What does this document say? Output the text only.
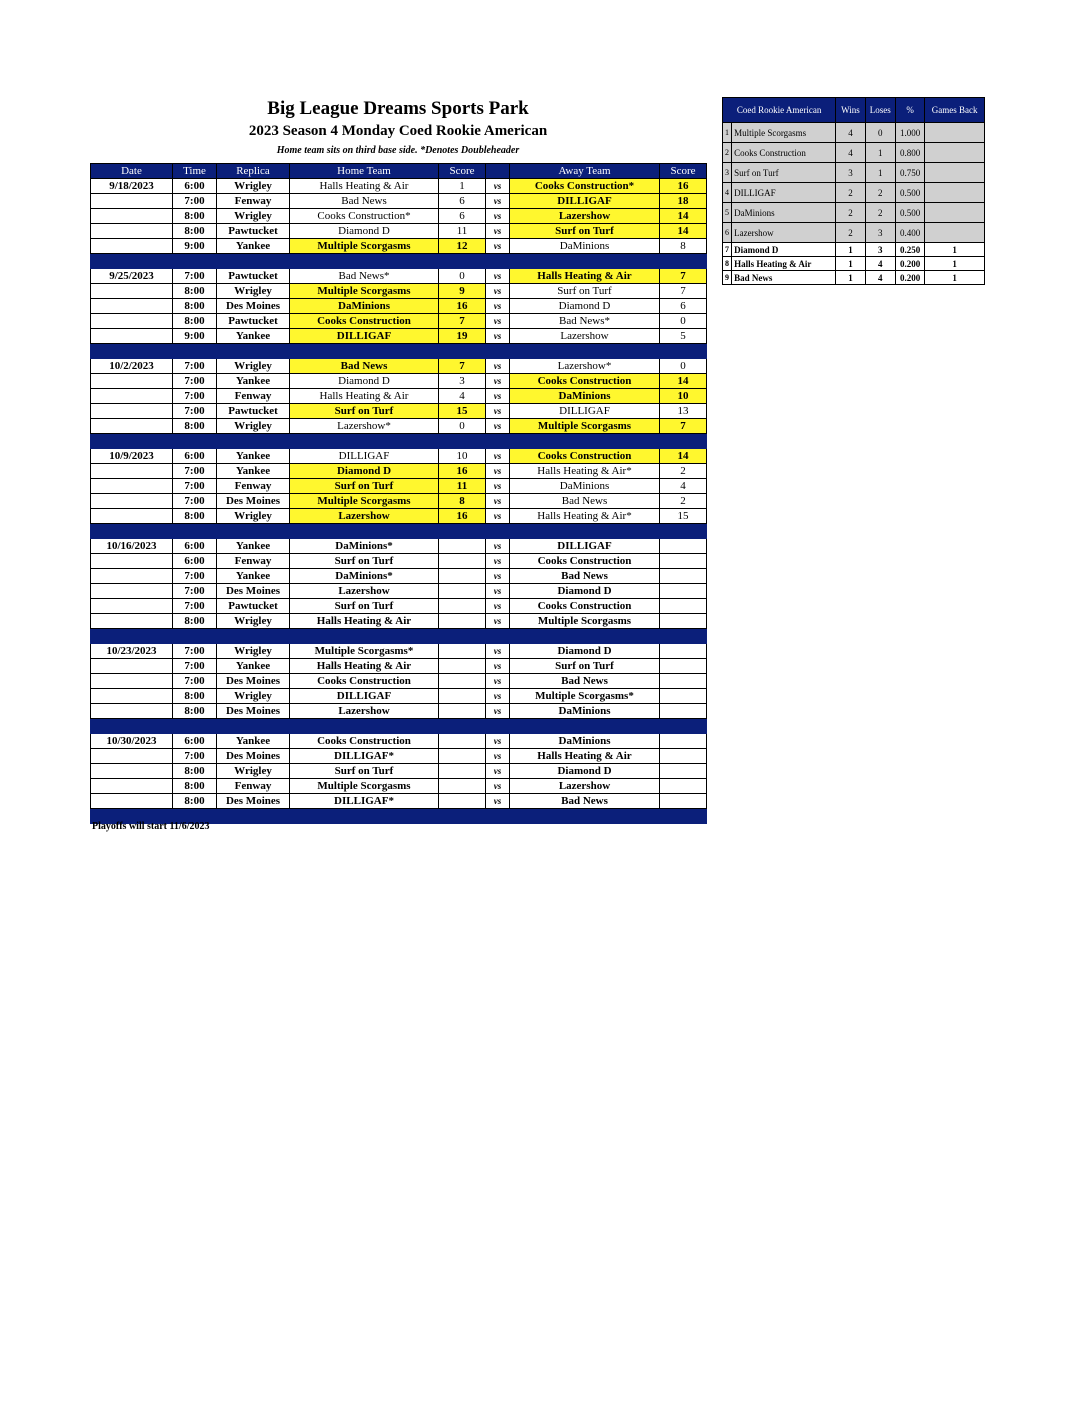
Big League Dreams Sports Park
2023 Season 4 Monday Coed Rookie American
Home team sits on third base side. *Denotes Doubleheader
Date	Time	Replica	Home Team	Score		Away Team	Score
9/18/2023	6:00	Wrigley	Halls Heating & Air	1	vs	Cooks Construction*	16
	7:00	Fenway	Bad News	6	vs	DILLIGAF	18
	8:00	Wrigley	Cooks Construction*	6	vs	Lazershow	14
	8:00	Pawtucket	Diamond D	11	vs	Surf on Turf	14
	9:00	Yankee	Multiple Scorgasms	12	vs	DaMinions	8

9/25/2023	7:00	Pawtucket	Bad News*	0	vs	Halls Heating & Air	7
	8:00	Wrigley	Multiple Scorgasms	9	vs	Surf on Turf	7
	8:00	Des Moines	DaMinions	16	vs	Diamond D	6
	8:00	Pawtucket	Cooks Construction	7	vs	Bad News*	0
	9:00	Yankee	DILLIGAF	19	vs	Lazershow	5

10/2/2023	7:00	Wrigley	Bad News	7	vs	Lazershow*	0
	7:00	Yankee	Diamond D	3	vs	Cooks Construction	14
	7:00	Fenway	Halls Heating & Air	4	vs	DaMinions	10
	7:00	Pawtucket	Surf on Turf	15	vs	DILLIGAF	13
	8:00	Wrigley	Lazershow*	0	vs	Multiple Scorgasms	7

10/9/2023	6:00	Yankee	DILLIGAF	10	vs	Cooks Construction	14
	7:00	Yankee	Diamond D	16	vs	Halls Heating & Air*	2
	7:00	Fenway	Surf on Turf	11	vs	DaMinions	4
	7:00	Des Moines	Multiple Scorgasms	8	vs	Bad News	2
	8:00	Wrigley	Lazershow	16	vs	Halls Heating & Air*	15

10/16/2023	6:00	Yankee	DaMinions*		vs	DILLIGAF	
	6:00	Fenway	Surf on Turf		vs	Cooks Construction	
	7:00	Yankee	DaMinions*		vs	Bad News	
	7:00	Des Moines	Lazershow		vs	Diamond D	
	7:00	Pawtucket	Surf on Turf		vs	Cooks Construction	
	8:00	Wrigley	Halls Heating & Air		vs	Multiple Scorgasms	

10/23/2023	7:00	Wrigley	Multiple Scorgasms*		vs	Diamond D	
	7:00	Yankee	Halls Heating & Air		vs	Surf on Turf	
	7:00	Des Moines	Cooks Construction		vs	Bad News	
	8:00	Wrigley	DILLIGAF		vs	Multiple Scorgasms*	
	8:00	Des Moines	Lazershow		vs	DaMinions	

10/30/2023	6:00	Yankee	Cooks Construction		vs	DaMinions	
	7:00	Des Moines	DILLIGAF*		vs	Halls Heating & Air	
	8:00	Wrigley	Surf on Turf		vs	Diamond D	
	8:00	Fenway	Multiple Scorgasms		vs	Lazershow	
	8:00	Des Moines	DILLIGAF*		vs	Bad News	

Playoffs will start 11/6/2023
Coed Rookie American		Wins	Loses	%	Games Back
1	Multiple Scorgasms	4	0	1.000	
2	Cooks Construction	4	1	0.800	
3	Surf on Turf	3	1	0.750	
4	DILLIGAF	2	2	0.500	
5	DaMinions	2	2	0.500	
6	Lazershow	2	3	0.400	
7	Diamond D	1	3	0.250	1
8	Halls Heating & Air	1	4	0.200	1
9	Bad News	1	4	0.200	1
